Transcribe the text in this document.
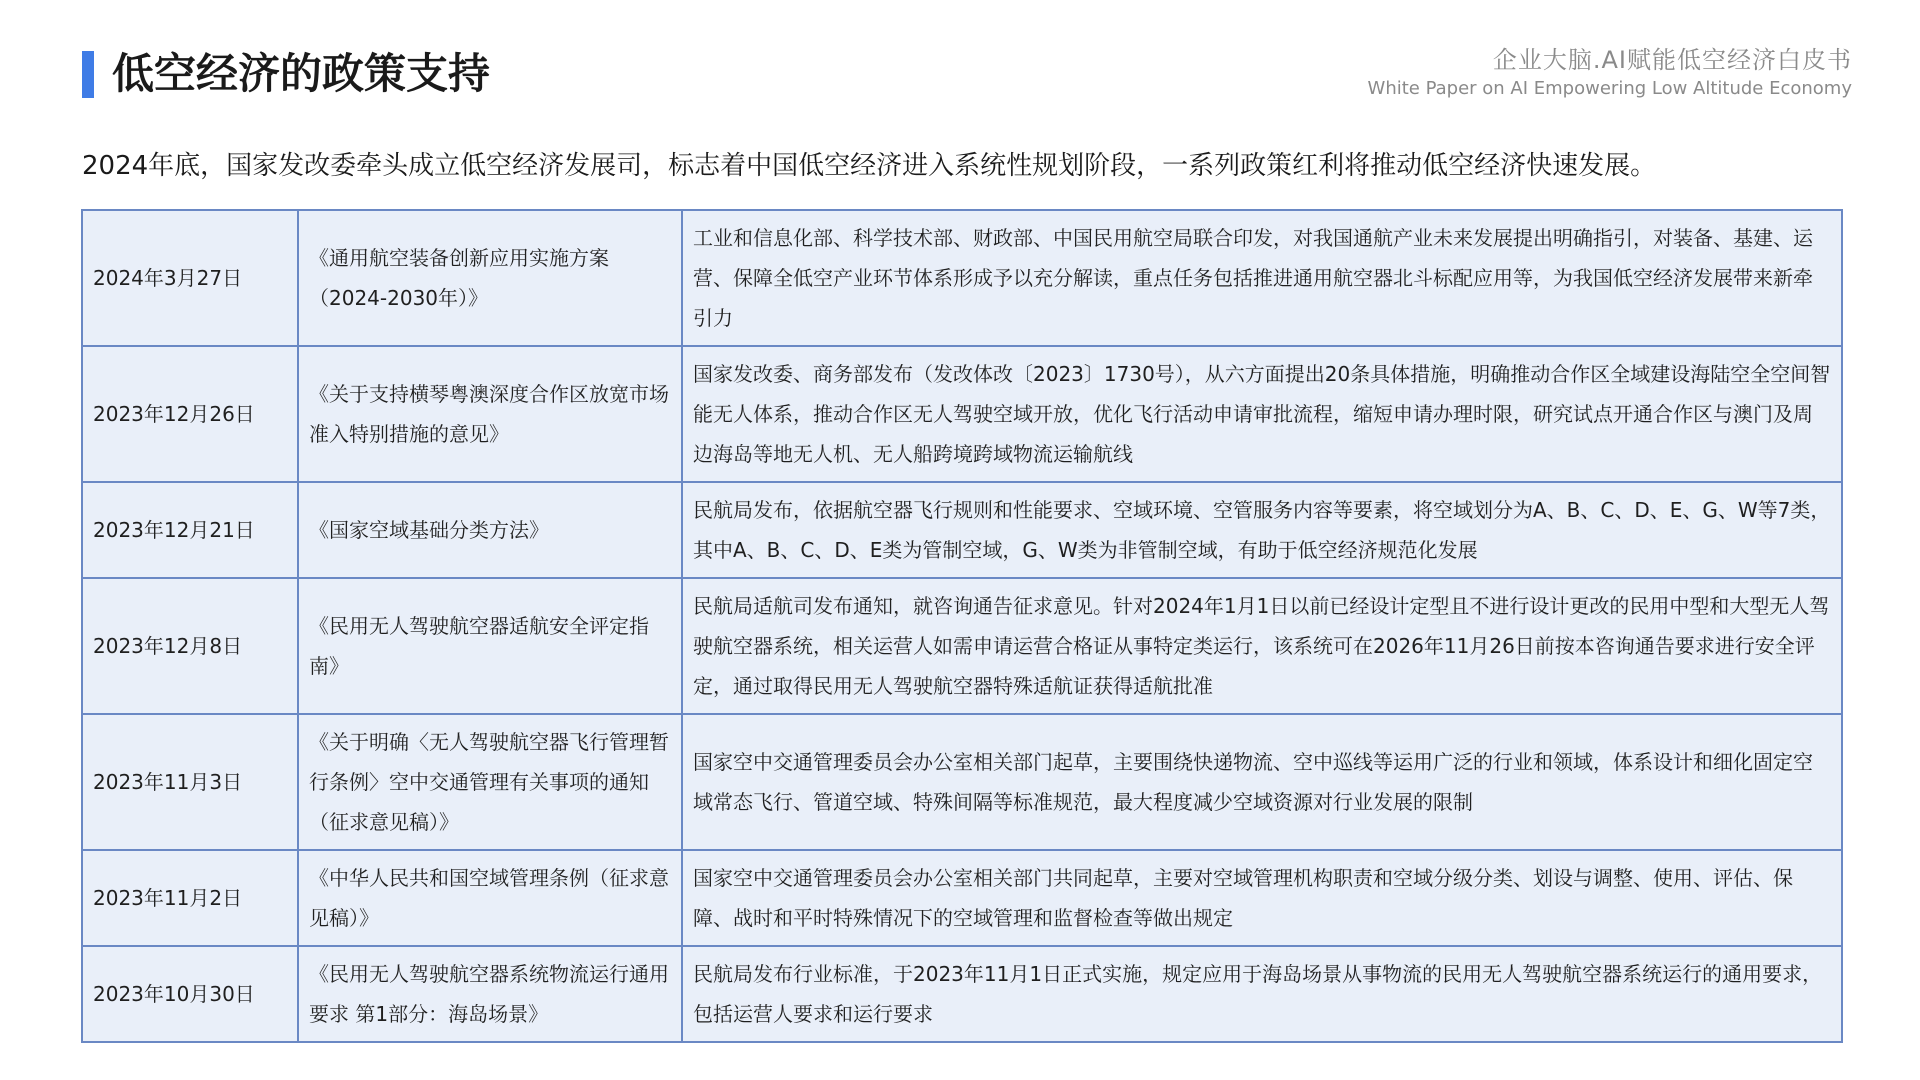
低空经济的政策支持	企业大脑.AI赋能低空经济白皮书
White Paper on AI Empowering Low Altitude Economy
2024年底，国家发改委牵头成立低空经济发展司，标志着中国低空经济进入系统性规划阶段，一系列政策红利将推动低空经济快速发展。
2024年3月27日	《通用航空装备创新应用实施方案（2024-2030年）》	工业和信息化部、科学技术部、财政部、中国民用航空局联合印发，对我国通航产业未来发展提出明确指引，对装备、基建、运营、保障全低空产业环节体系形成予以充分解读，重点任务包括推进通用航空器北斗标配应用等，为我国低空经济发展带来新牵引力
2023年12月26日	《关于支持横琴粤澳深度合作区放宽市场准入特别措施的意见》	国家发改委、商务部发布（发改体改〔2023〕1730号），从六方面提出20条具体措施，明确推动合作区全域建设海陆空全空间智能无人体系，推动合作区无人驾驶空域开放，优化飞行活动申请审批流程，缩短申请办理时限，研究试点开通合作区与澳门及周边海岛等地无人机、无人船跨境跨域物流运输航线
2023年12月21日	《国家空域基础分类方法》	民航局发布，依据航空器飞行规则和性能要求、空域环境、空管服务内容等要素，将空域划分为A、B、C、D、E、G、W等7类，其中A、B、C、D、E类为管制空域，G、W类为非管制空域，有助于低空经济规范化发展
2023年12月8日	《民用无人驾驶航空器适航安全评定指南》	民航局适航司发布通知，就咨询通告征求意见。针对2024年1月1日以前已经设计定型且不进行设计更改的民用中型和大型无人驾驶航空器系统，相关运营人如需申请运营合格证从事特定类运行，该系统可在2026年11月26日前按本咨询通告要求进行安全评定，通过取得民用无人驾驶航空器特殊适航证获得适航批准
2023年11月3日	《关于明确〈无人驾驶航空器飞行管理暂行条例〉空中交通管理有关事项的通知（征求意见稿）》	国家空中交通管理委员会办公室相关部门起草，主要围绕快递物流、空中巡线等运用广泛的行业和领域，体系设计和细化固定空域常态飞行、管道空域、特殊间隔等标准规范，最大程度减少空域资源对行业发展的限制
2023年11月2日	《中华人民共和国空域管理条例（征求意见稿）》	国家空中交通管理委员会办公室相关部门共同起草，主要对空域管理机构职责和空域分级分类、划设与调整、使用、评估、保障、战时和平时特殊情况下的空域管理和监督检查等做出规定
2023年10月30日	《民用无人驾驶航空器系统物流运行通用要求 第1部分：海岛场景》	民航局发布行业标准，于2023年11月1日正式实施，规定应用于海岛场景从事物流的民用无人驾驶航空器系统运行的通用要求，包括运营人要求和运行要求
